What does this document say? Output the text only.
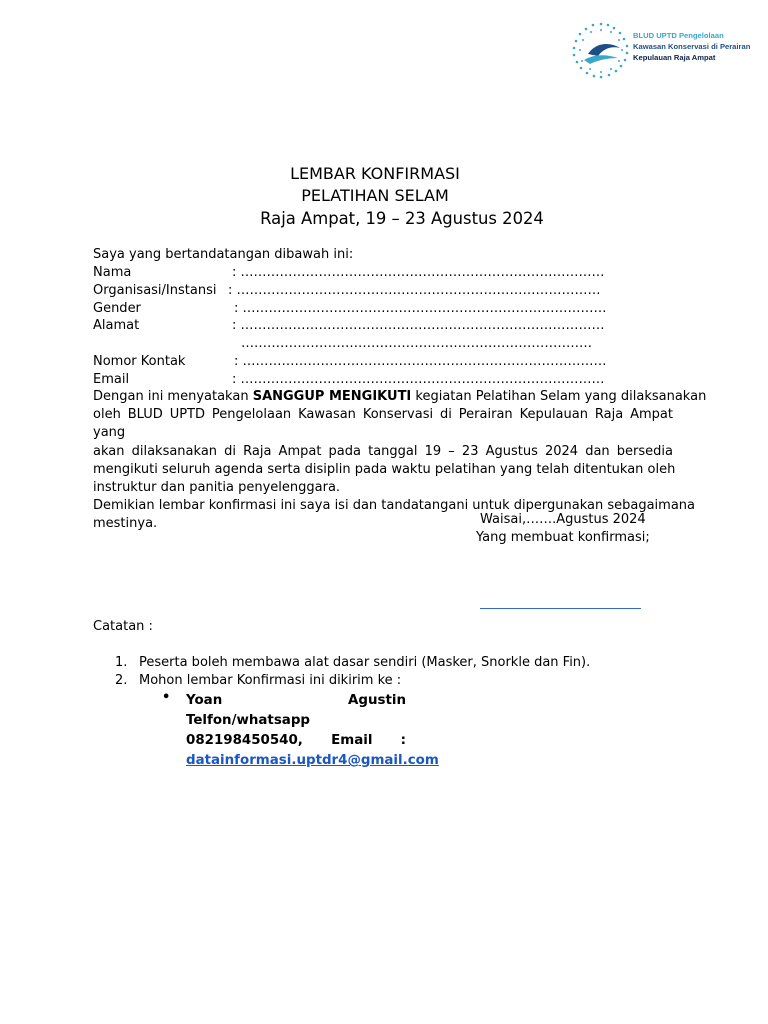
BLUD UPTD Pengelolaan
Kawasan Konservasi di Perairan
Kepulauan Raja Ampat
LEMBAR KONFIRMASI
PELATIHAN SELAM
Raja Ampat, 19 – 23 Agustus 2024
Saya yang bertandatangan dibawah ini:
Nama	: …………………………………………………………………………
Organisasi/Instansi : …………………………………………………………………………
Gender	: …………………………………………………………………………
Alamat	: …………………………………………………………………………
………………………………………………………………………
Nomor Kontak	: …………………………………………………………………………
Email	: …………………………………………………………………………
Dengan ini menyatakan SANGGUP MENGIKUTI kegiatan Pelatihan Selam yang dilaksanakan
oleh BLUD UPTD Pengelolaan Kawasan Konservasi di Perairan Kepulauan Raja Ampat yang
akan dilaksanakan di Raja Ampat pada tanggal 19 – 23 Agustus 2024 dan bersedia
mengikuti seluruh agenda serta disiplin pada waktu pelatihan yang telah ditentukan oleh
instruktur dan panitia penyelenggara.
Demikian lembar konfirmasi ini saya isi dan tandatangani untuk dipergunakan sebagaimana
mestinya.	Waisai,…….Agustus 2024
Yang membuat konfirmasi;
Catatan :
1. Peserta boleh membawa alat dasar sendiri (Masker, Snorkle dan Fin).
2. Mohon lembar Konfirmasi ini dikirim ke :
• Yoan Agustin Telfon/whatsapp
082198450540, Email :
datainformasi.uptdr4@gmail.com
